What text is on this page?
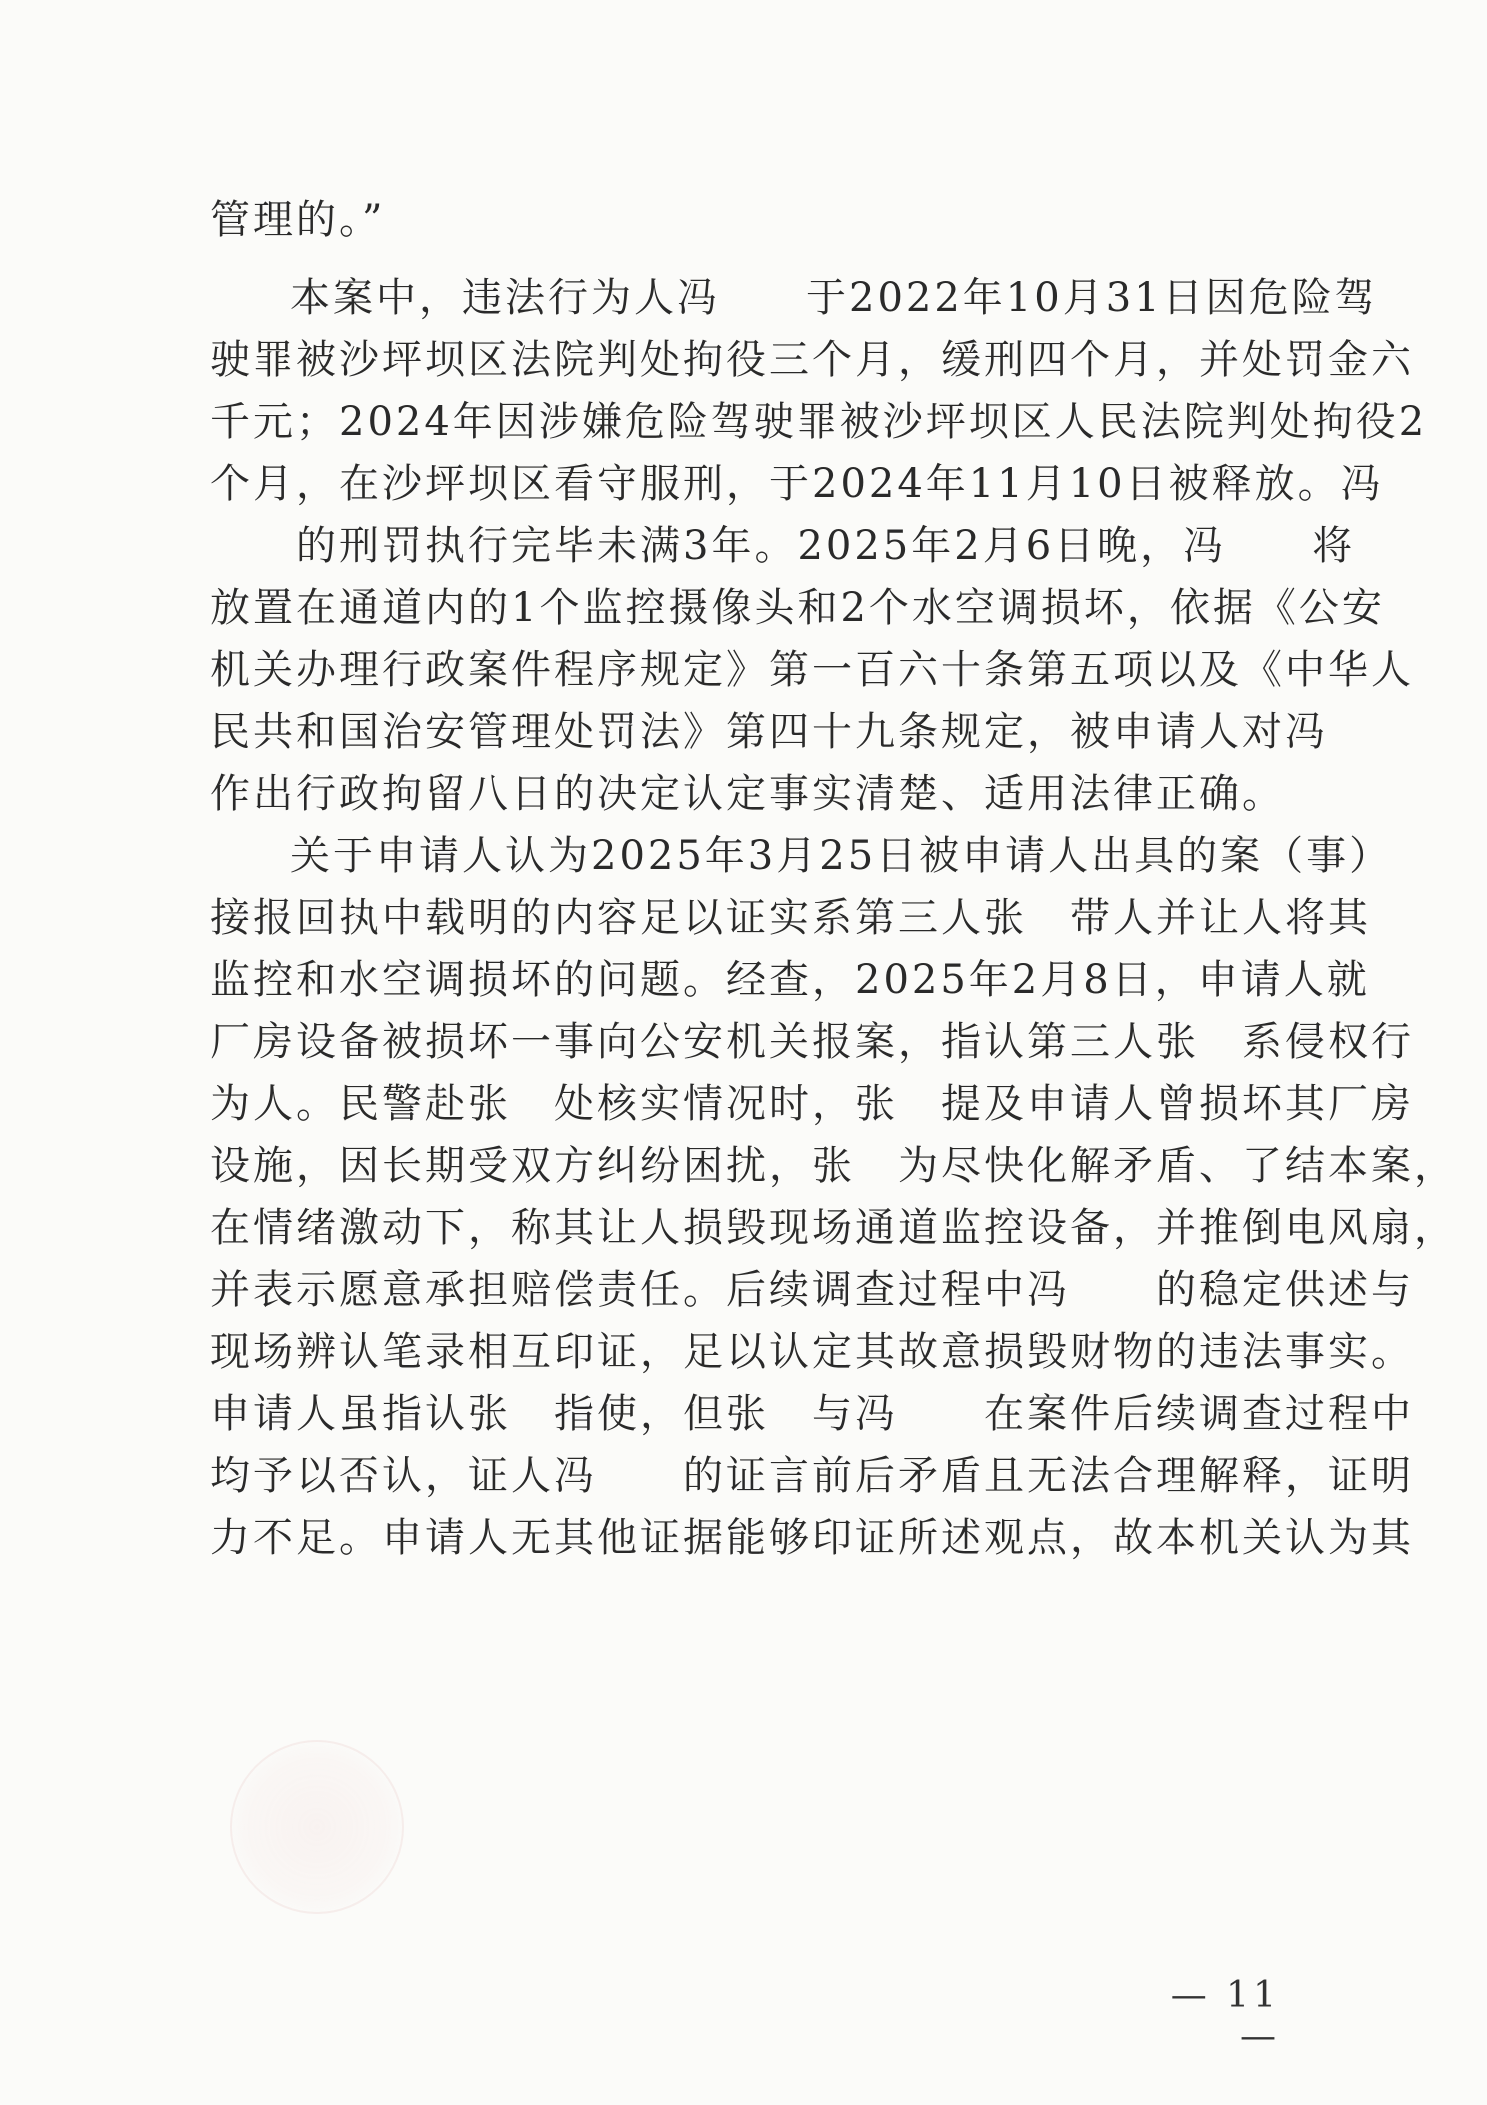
管理的。”
本案中，违法行为人冯　　于2022年10月31日因危险驾
驶罪被沙坪坝区法院判处拘役三个月，缓刑四个月，并处罚金六
千元；2024年因涉嫌危险驾驶罪被沙坪坝区人民法院判处拘役2
个月，在沙坪坝区看守服刑，于2024年11月10日被释放。冯
　　的刑罚执行完毕未满3年。2025年2月6日晚，冯　　将
放置在通道内的1个监控摄像头和2个水空调损坏，依据《公安
机关办理行政案件程序规定》第一百六十条第五项以及《中华人
民共和国治安管理处罚法》第四十九条规定，被申请人对冯
作出行政拘留八日的决定认定事实清楚、适用法律正确。
关于申请人认为2025年3月25日被申请人出具的案（事）
接报回执中载明的内容足以证实系第三人张　带人并让人将其
监控和水空调损坏的问题。经查，2025年2月8日，申请人就
厂房设备被损坏一事向公安机关报案，指认第三人张　系侵权行
为人。民警赴张　处核实情况时，张　提及申请人曾损坏其厂房
设施，因长期受双方纠纷困扰，张　为尽快化解矛盾、了结本案，
在情绪激动下，称其让人损毁现场通道监控设备，并推倒电风扇，
并表示愿意承担赔偿责任。后续调查过程中冯　　的稳定供述与
现场辨认笔录相互印证，足以认定其故意损毁财物的违法事实。
申请人虽指认张　指使，但张　与冯　　在案件后续调查过程中
均予以否认，证人冯　　的证言前后矛盾且无法合理解释，证明
力不足。申请人无其他证据能够印证所述观点，故本机关认为其
— 11 —
